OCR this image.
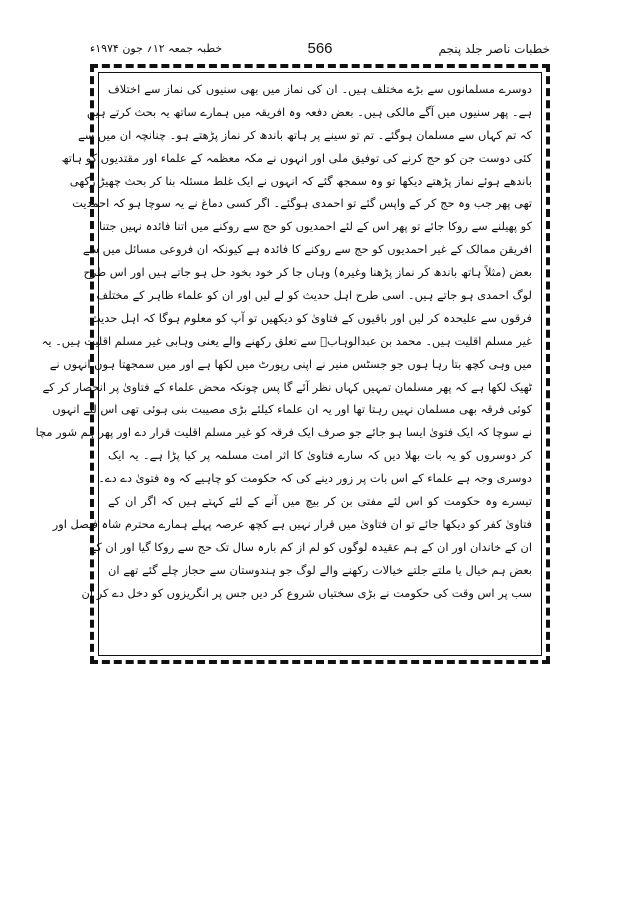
خطبات ناصر جلد پنجم
566
خطبہ جمعہ ۱۲؍ جون ۱۹۷۴ء
دوسرے مسلمانوں سے بڑے مختلف ہیں۔ ان کی نماز میں بھی سنیوں کی نماز سے اختلاف
ہے۔ پھر سنیوں میں آگے مالکی ہیں۔ بعض دفعہ وہ افریقہ میں ہمارے ساتھ یہ بحث کرتے ہیں
کہ تم کہاں سے مسلمان ہوگئے۔ تم تو سینے پر ہاتھ باندھ کر نماز پڑھتے ہو۔ چنانچہ ان میں سے
کئی دوست جن کو حج کرنے کی توفیق ملی اور انہوں نے مکہ معظمہ کے علماء اور مقتدیوں کو ہاتھ
باندھے ہوئے نماز پڑھتے دیکھا تو وہ سمجھ گئے کہ انہوں نے ایک غلط مسئلہ بنا کر بحث چھیڑ رکھی
تھی پھر جب وہ حج کر کے واپس گئے تو احمدی ہوگئے۔ اگر کسی دماغ نے یہ سوچا ہو کہ احمدیت
کو پھیلنے سے روکا جائے تو پھر اس کے لئے احمدیوں کو حج سے روکنے میں اتنا فائدہ نہیں جتنا
افریقن ممالک کے غیر احمدیوں کو حج سے روکنے کا فائدہ ہے کیونکہ ان فروعی مسائل میں سے
بعض (مثلاً ہاتھ باندھ کر نماز پڑھنا وغیرہ) وہاں جا کر خود بخود حل ہو جاتے ہیں اور اس طرح
لوگ احمدی ہو جاتے ہیں۔ اسی طرح اہل حدیث کو لے لیں اور ان کو علماء ظاہر کے مختلف
فرقوں سے علیحدہ کر لیں اور باقیوں کے فتاویٰ کو دیکھیں تو آپ کو معلوم ہوگا کہ اہل حدیث
غیر مسلم اقلیت ہیں۔ محمد بن عبدالوہابؒ سے تعلق رکھنے والے یعنی وہابی غیر مسلم اقلیت ہیں۔ یہ
میں وہی کچھ بتا رہا ہوں جو جسٹس منیر نے اپنی رپورٹ میں لکھا ہے اور میں سمجھتا ہوں انہوں نے
ٹھیک لکھا ہے کہ پھر مسلمان تمہیں کہاں نظر آئے گا پس چونکہ محض علماء کے فتاویٰ پر انحصار کر کے
کوئی فرقہ بھی مسلمان نہیں رہتا تھا اور یہ ان علماء کیلئے بڑی مصیبت بنی ہوئی تھی اس لئے انہوں
نے سوچا کہ ایک فتویٰ ایسا ہو جائے جو صرف ایک فرقہ کو غیر مسلم اقلیت قرار دے اور پھر ہم شور مچا
کر دوسروں کو یہ بات بھلا دیں کہ سارے فتاویٰ کا اثر امت مسلمہ پر کیا پڑا ہے۔ یہ ایک
دوسری وجہ ہے علماء کے اس بات پر زور دینے کی کہ حکومت کو چاہیے کہ وہ فتویٰ دے دے۔
تیسرے وہ حکومت کو اس لئے مفتی بن کر بیچ میں آنے کے لئے کہتے ہیں کہ اگر ان کے
فتاویٰ کفر کو دیکھا جائے تو ان فتاویٰ میں قرار نہیں ہے کچھ عرصہ پہلے ہمارے محترم شاہ فیصل اور
ان کے خاندان اور ان کے ہم عقیدہ لوگوں کو لم از کم بارہ سال تک حج سے روکا گیا اور ان کے
بعض ہم خیال یا ملتے جلتے خیالات رکھنے والے لوگ جو ہندوستان سے حجاز چلے گئے تھے ان
سب پر اس وقت کی حکومت نے بڑی سختیاں شروع کر دیں جس پر انگریزوں کو دخل دے کر ان
